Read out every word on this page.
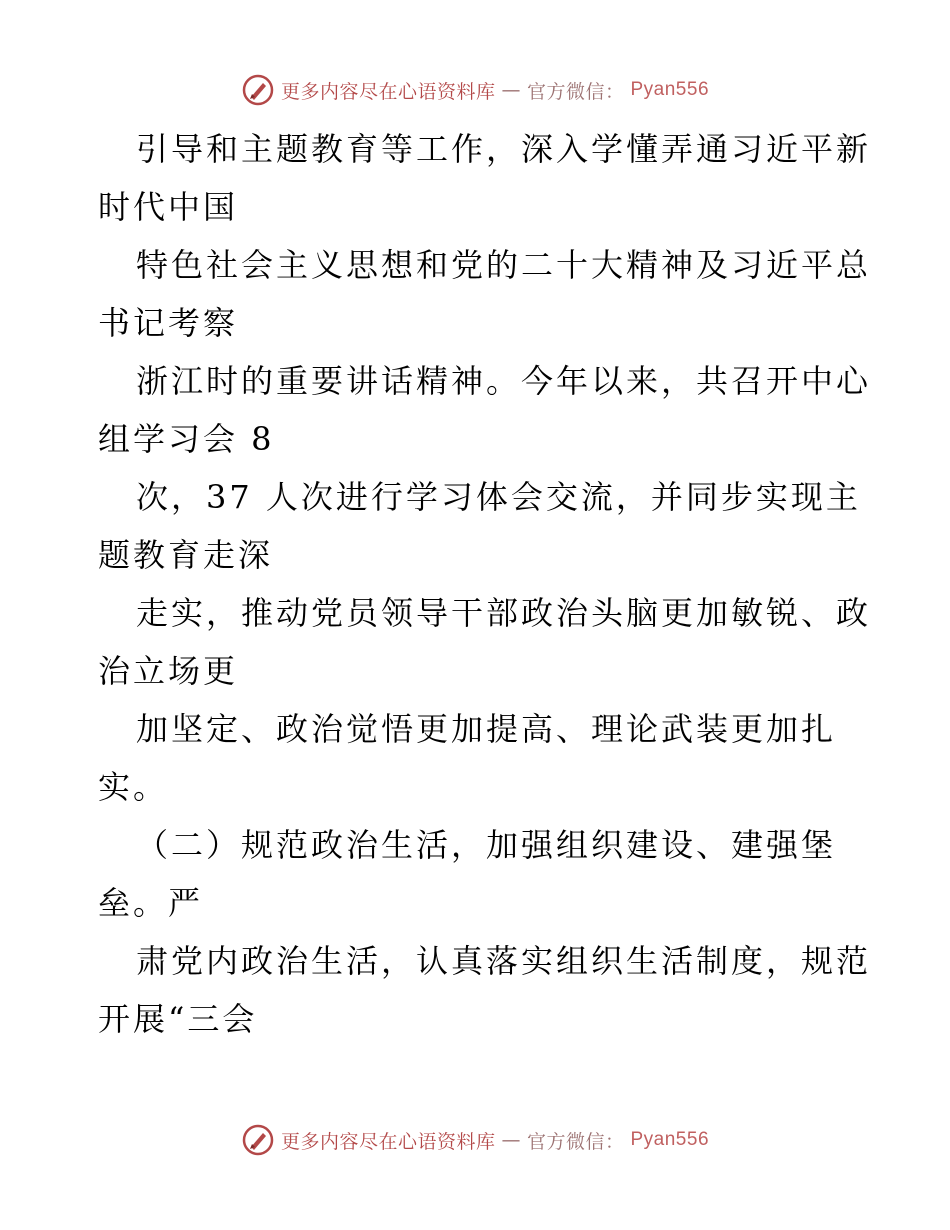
更多内容尽在心语资料库 — 官方微信： Pyan556
引导和主题教育等工作，深入学懂弄通习近平新
时代中国
特色社会主义思想和党的二十大精神及习近平总
书记考察
浙江时的重要讲话精神。今年以来，共召开中心
组学习会 8
次，37 人次进行学习体会交流，并同步实现主
题教育走深
走实，推动党员领导干部政治头脑更加敏锐、政
治立场更
加坚定、政治觉悟更加提高、理论武装更加扎
实。
（二）规范政治生活，加强组织建设、建强堡
垒。严
肃党内政治生活，认真落实组织生活制度，规范
开展“三会
更多内容尽在心语资料库 — 官方微信： Pyan556
